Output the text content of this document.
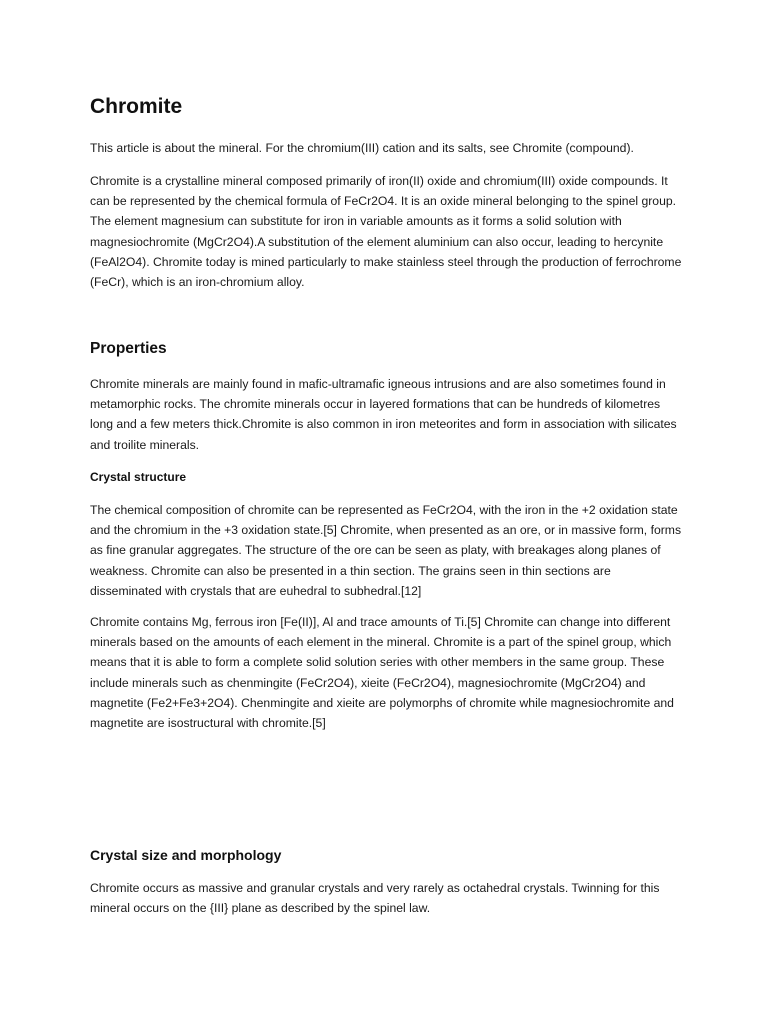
Chromite

This article is about the mineral. For the chromium(III) cation and its salts, see Chromite (compound).

Chromite is a crystalline mineral composed primarily of iron(II) oxide and chromium(III) oxide compounds. It can be represented by the chemical formula of FeCr2O4. It is an oxide mineral belonging to the spinel group. The element magnesium can substitute for iron in variable amounts as it forms a solid solution with magnesiochromite (MgCr2O4).A substitution of the element aluminium can also occur, leading to hercynite (FeAl2O4). Chromite today is mined particularly to make stainless steel through the production of ferrochrome (FeCr), which is an iron-chromium alloy.

Properties

Chromite minerals are mainly found in mafic-ultramafic igneous intrusions and are also sometimes found in metamorphic rocks. The chromite minerals occur in layered formations that can be hundreds of kilometres long and a few meters thick.Chromite is also common in iron meteorites and form in association with silicates and troilite minerals.

Crystal structure

The chemical composition of chromite can be represented as FeCr2O4, with the iron in the +2 oxidation state and the chromium in the +3 oxidation state.[5] Chromite, when presented as an ore, or in massive form, forms as fine granular aggregates. The structure of the ore can be seen as platy, with breakages along planes of weakness. Chromite can also be presented in a thin section. The grains seen in thin sections are disseminated with crystals that are euhedral to subhedral.[12]

Chromite contains Mg, ferrous iron [Fe(II)], Al and trace amounts of Ti.[5] Chromite can change into different minerals based on the amounts of each element in the mineral. Chromite is a part of the spinel group, which means that it is able to form a complete solid solution series with other members in the same group. These include minerals such as chenmingite (FeCr2O4), xieite (FeCr2O4), magnesiochromite (MgCr2O4) and magnetite (Fe2+Fe3+2O4). Chenmingite and xieite are polymorphs of chromite while magnesiochromite and magnetite are isostructural with chromite.[5]

Crystal size and morphology

Chromite occurs as massive and granular crystals and very rarely as octahedral crystals. Twinning for this mineral occurs on the {III} plane as described by the spinel law.
